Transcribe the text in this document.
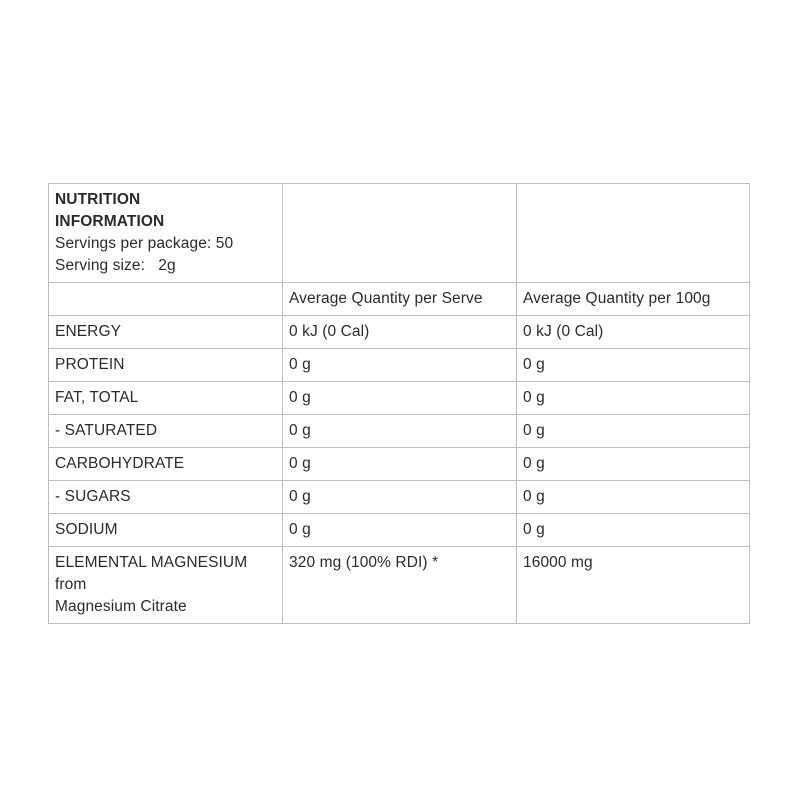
NUTRITION
INFORMATION
Servings per package: 50
Serving size:   2g		

	Average Quantity per Serve	Average Quantity per 100g
ENERGY	0 kJ (0 Cal)	0 kJ (0 Cal)
PROTEIN	0 g	0 g
FAT, TOTAL	0 g	0 g
- SATURATED	0 g	0 g
CARBOHYDRATE	0 g	0 g
- SUGARS	0 g	0 g
SODIUM	0 g	0 g

ELEMENTAL MAGNESIUM
from
Magnesium Citrate	320 mg (100% RDI) *	16000 mg
